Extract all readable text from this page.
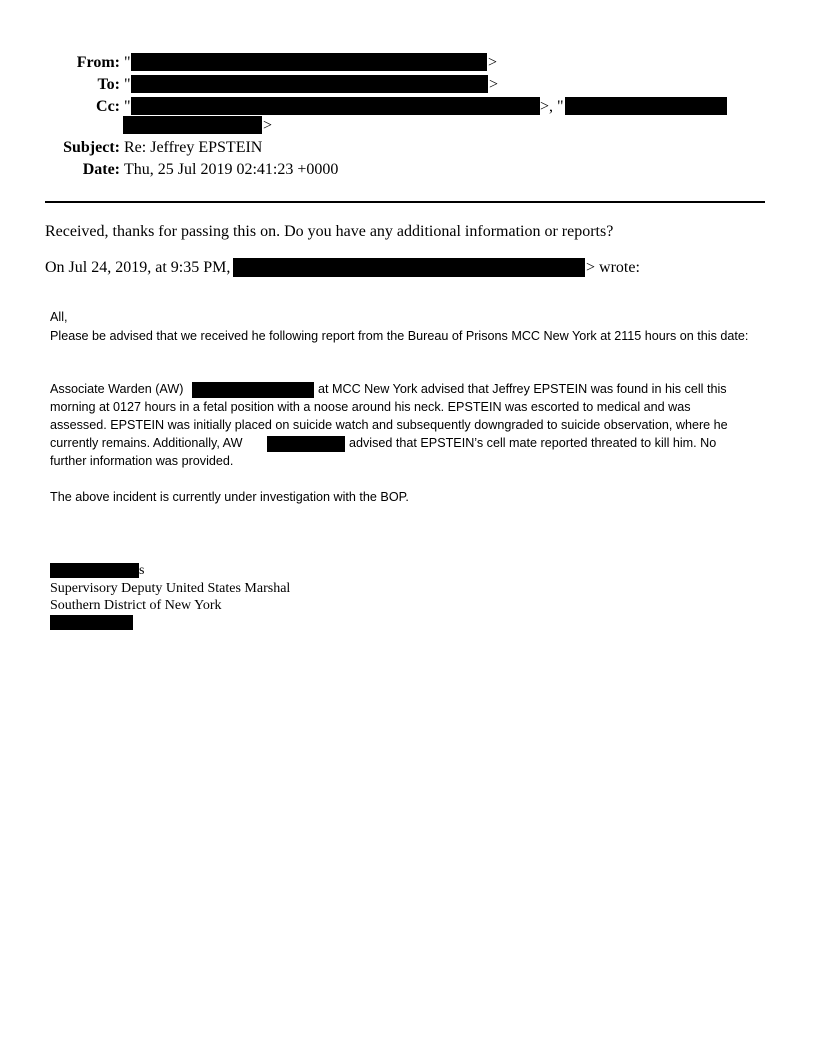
From: "	>
To: "	>
Cc: "	>, "
>
Subject: Re: Jeffrey EPSTEIN
Date: Thu, 25 Jul 2019 02:41:23 +0000
Received, thanks for passing this on. Do you have any additional information or reports?
On Jul 24, 2019, at 9:35 PM,	> wrote:
All,
Please be advised that we received he following report from the Bureau of Prisons MCC New York at 2115 hours on this date:
Associate Warden (AW)	at MCC New York advised that Jeffrey EPSTEIN was found in his cell this
morning at 0127 hours in a fetal position with a noose around his neck. EPSTEIN was escorted to medical and was
assessed. EPSTEIN was initially placed on suicide watch and subsequently downgraded to suicide observation, where he
currently remains. Additionally, AW	advised that EPSTEIN’s cell mate reported threated to kill him. No
further information was provided.
The above incident is currently under investigation with the BOP.
s
Supervisory Deputy United States Marshal
Southern District of New York
